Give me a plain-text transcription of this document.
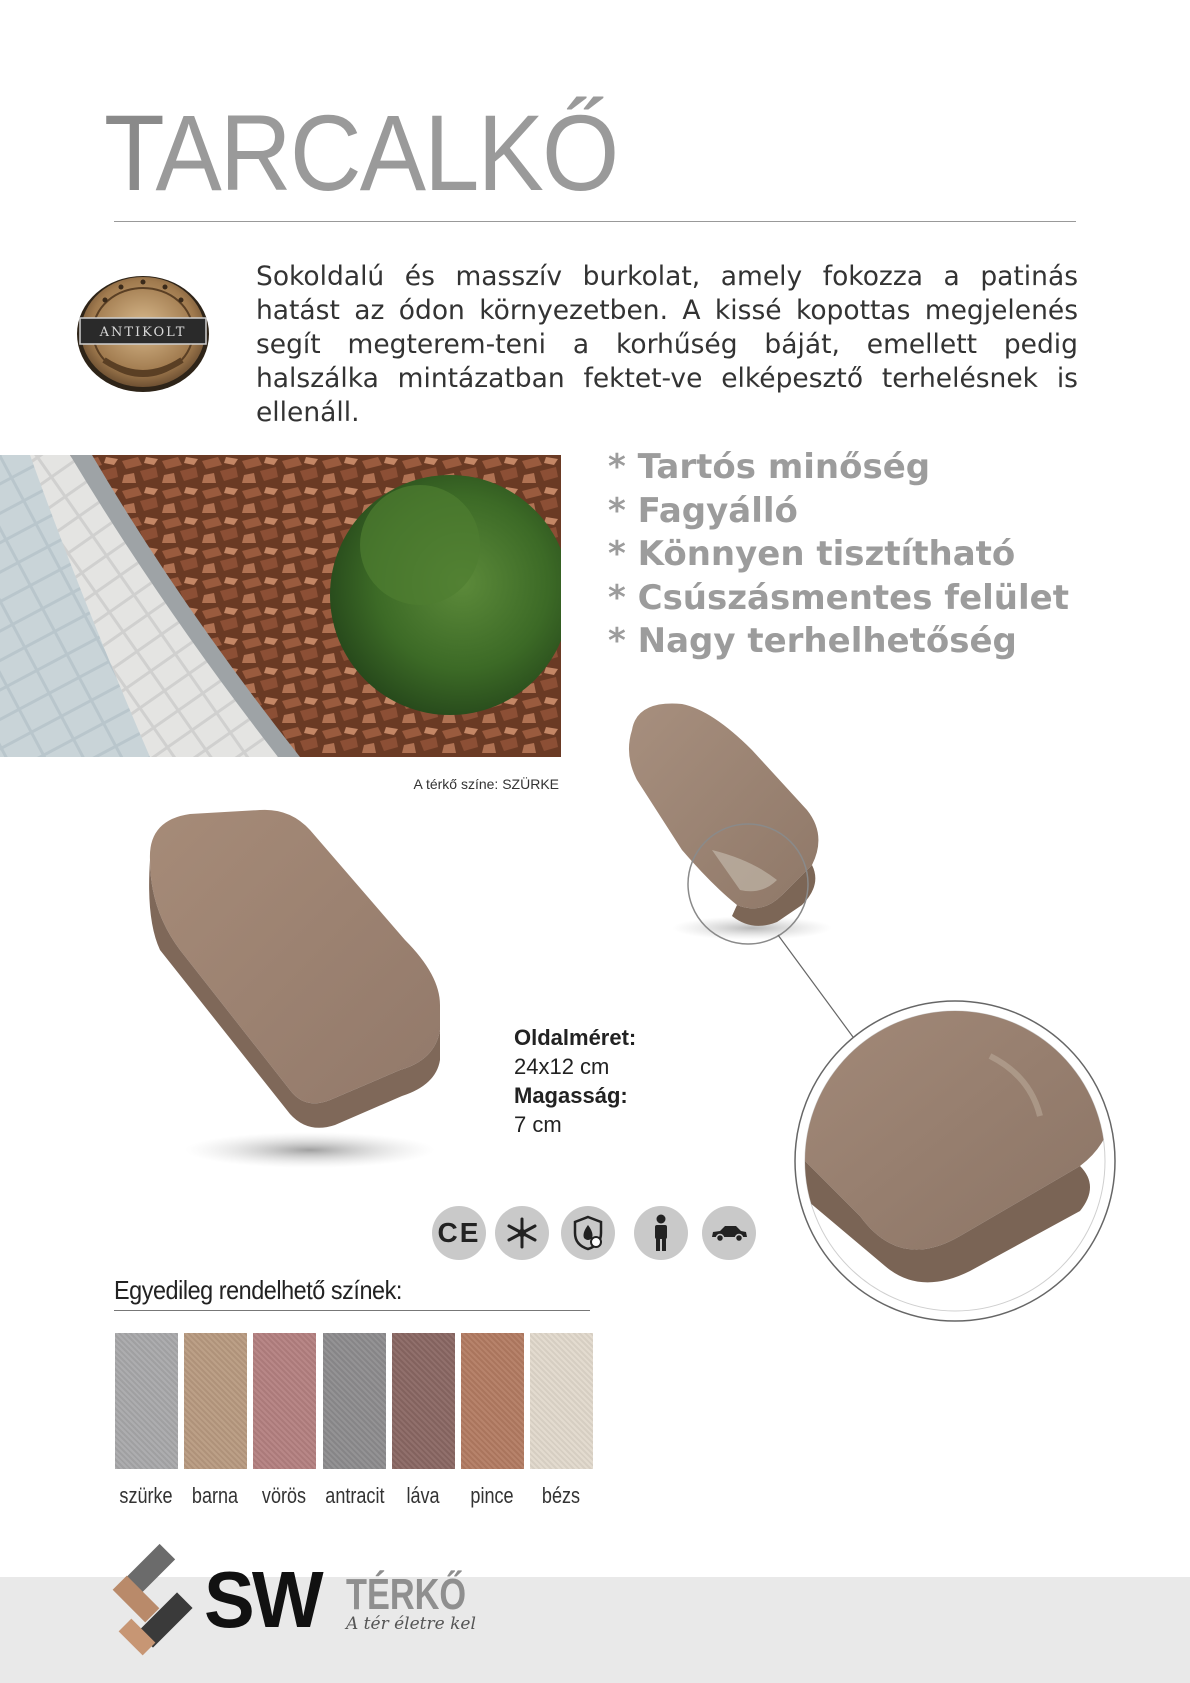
TARCALKŐ
ANTIKOLT

Sokoldalú és masszív burkolat, amely fokozza a patinás hatást az ódon környezetben. A kissé kopottas megjelenés segít megterem-teni a korhűség báját, emellett pedig halszálka mintázatban fektet-ve elképesztő terhelésnek is ellenáll.

A térkő színe: SZÜRKE
* Tartós minőség
* Fagyálló
* Könnyen tisztítható
* Csúszásmentes felület
* Nagy terhelhetőség
Oldalméret:
24x12 cm
Magasság:
7 cm
CE
Egyedileg rendelhető színek:
szürke barna	vörös antracit láva	pince	bézs
SW TÉRKŐ
A tér életre kel
